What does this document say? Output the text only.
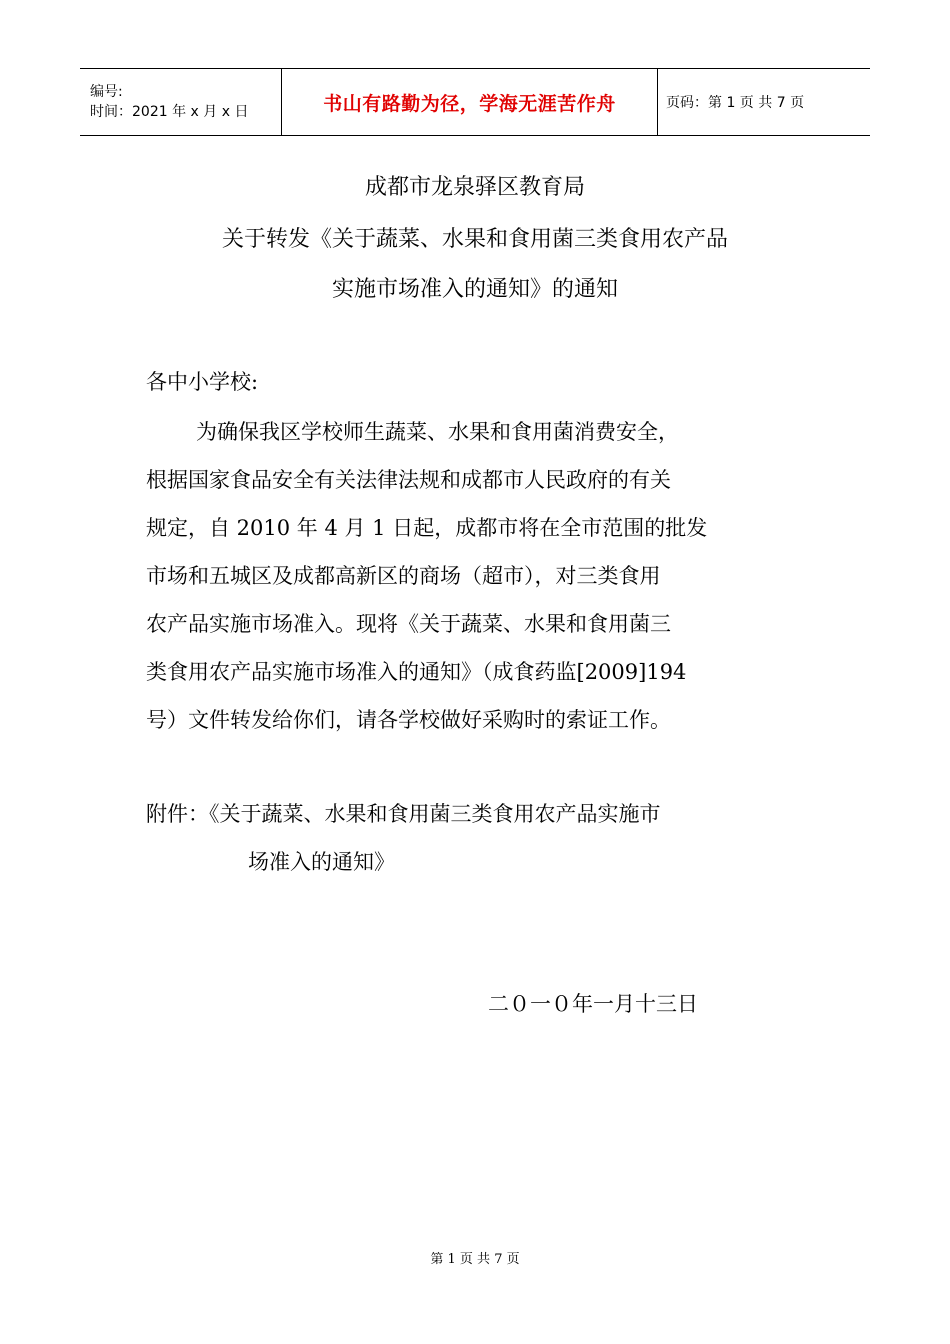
编号:
时间：2021 年 x 月 x 日	书山有路勤为径，学海无涯苦作舟	页码：第 1 页 共 7 页
成都市龙泉驿区教育局
关于转发《关于蔬菜、水果和食用菌三类食用农产品
实施市场准入的通知》的通知
各中小学校:
为确保我区学校师生蔬菜、水果和食用菌消费安全，
根据国家食品安全有关法律法规和成都市人民政府的有关
规定，自 2010 年 4 月 1 日起，成都市将在全市范围的批发
市场和五城区及成都高新区的商场（超市），对三类食用
农产品实施市场准入。现将《关于蔬菜、水果和食用菌三
类食用农产品实施市场准入的通知》（成食药监[2009]194
号）文件转发给你们，请各学校做好采购时的索证工作。
附件：《关于蔬菜、水果和食用菌三类食用农产品实施市
场准入的通知》
二０一０年一月十三日
第 1 页 共 7 页
